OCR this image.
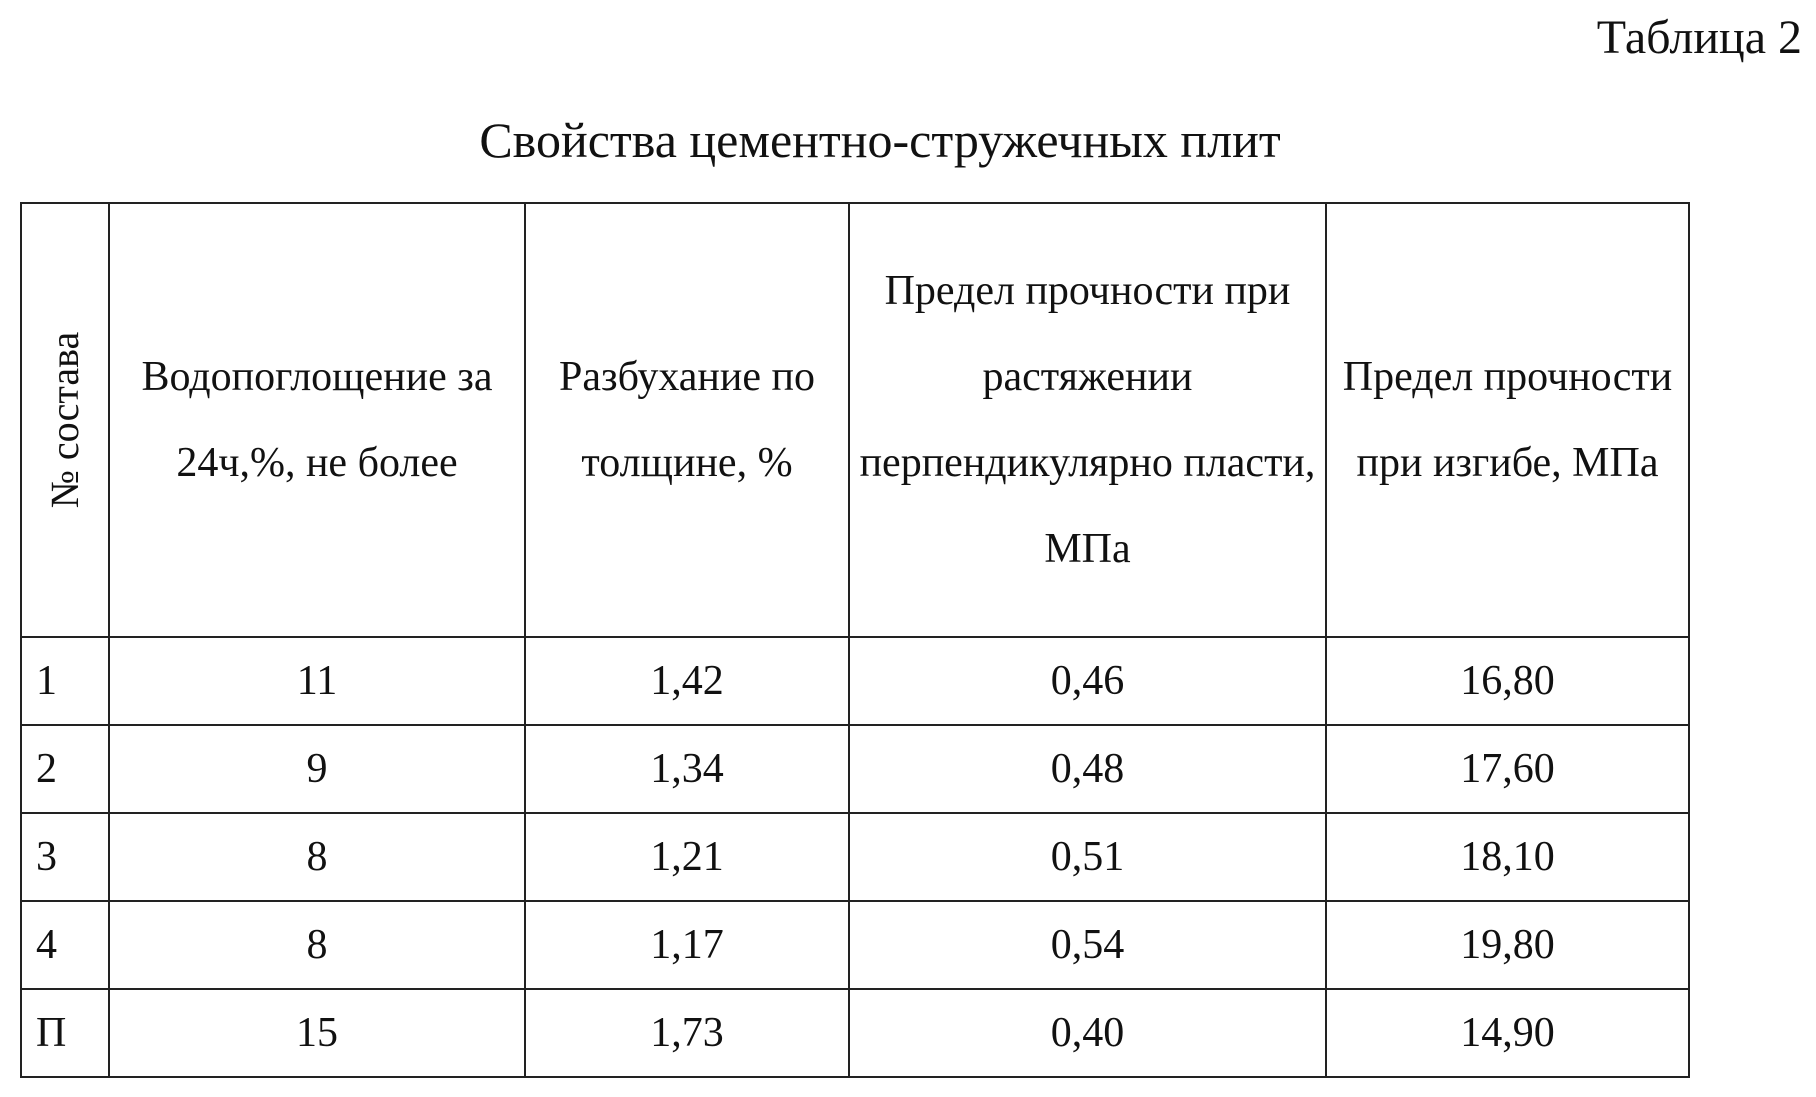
Таблица 2
Свойства цементно-стружечных плит
№ состава	Водопоглощение за 24ч,%, не более	Разбухание по толщине, %	Предел прочности при растяжении перпендикулярно пласти, МПа	Предел прочности при изгибе, МПа
1	11	1,42	0,46	16,80
2	9	1,34	0,48	17,60
3	8	1,21	0,51	18,10
4	8	1,17	0,54	19,80
П	15	1,73	0,40	14,90
